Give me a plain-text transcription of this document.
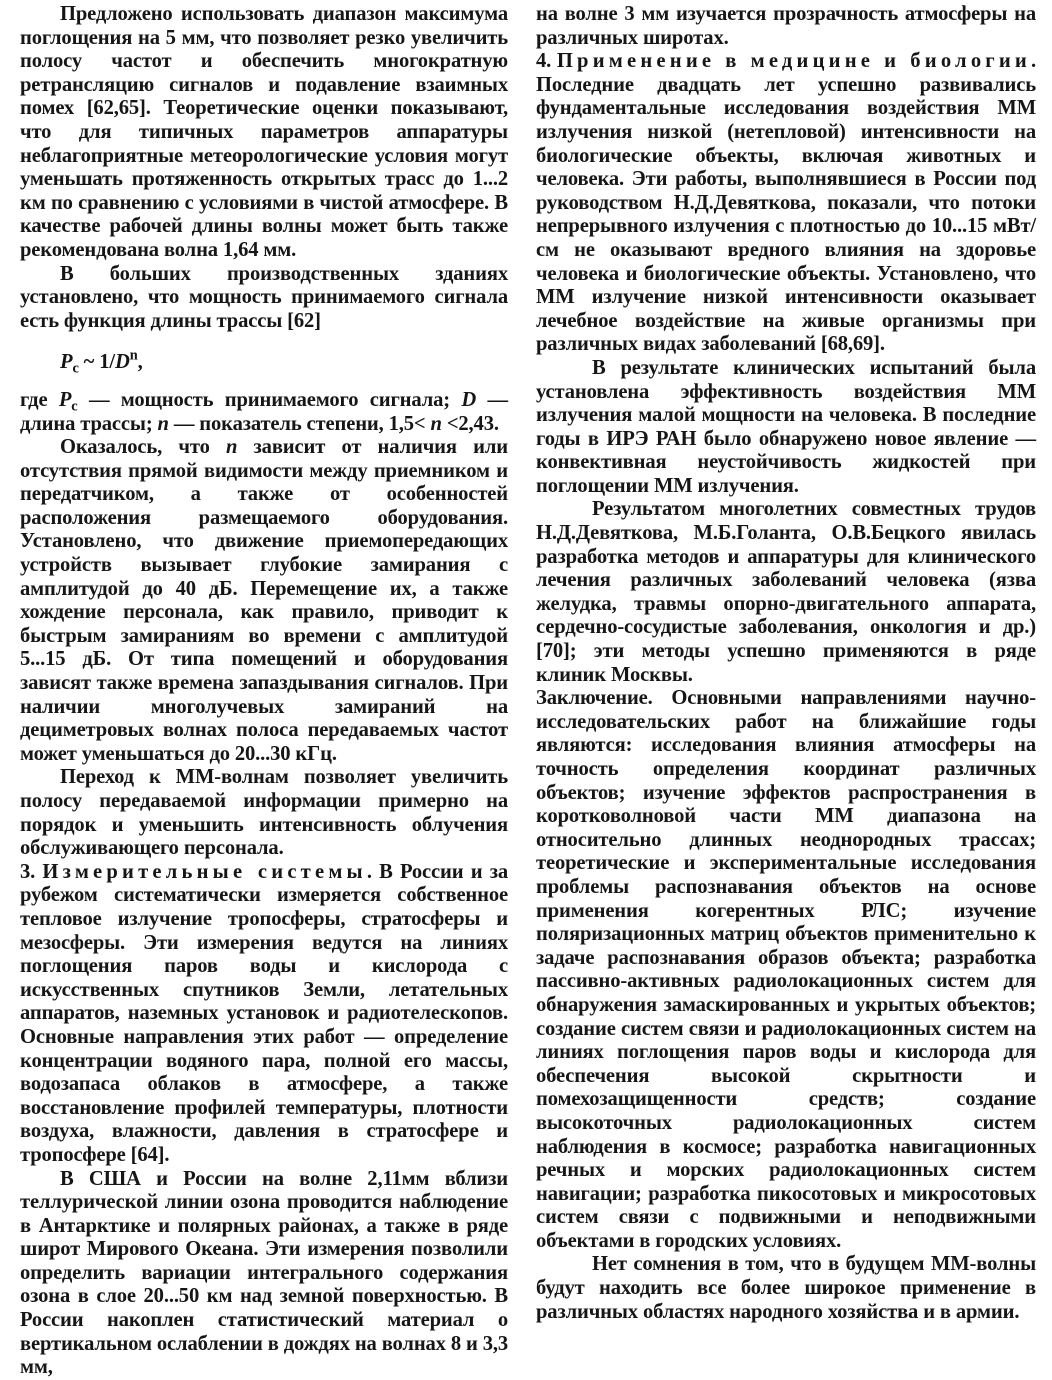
Предложено использовать диапазон максимума поглощения на 5 мм, что позволяет резко увеличить полосу частот и обеспечить многократную ретрансляцию сигналов и подавление взаимных помех [62,65]. Теоретические оценки показывают, что для типичных параметров аппаратуры неблагоприятные метеорологические условия могут уменьшать протяженность открытых трасс до 1...2 км по сравнению с условиями в чистой атмосфере. В качестве рабочей длины волны может быть также рекомендована волна 1,64 мм.

В больших производственных зданиях установлено, что мощность принимаемого сигнала есть функция длины трассы [62]

$P_c$ ~ $1/D^n$,

где $P_c$ — мощность принимаемого сигнала; D — длина трассы; n — показатель степени, 1,5< n <2,43.

Оказалось, что n зависит от наличия или отсутствия прямой видимости между приемником и передатчиком, а также от особенностей расположения размещаемого оборудования. Установлено, что движение приемопередающих устройств вызывает глубокие замирания с амплитудой до 40 дБ. Перемещение их, а также хождение персонала, как правило, приводит к быстрым замираниям во времени с амплитудой 5...15 дБ. От типа помещений и оборудования зависят также времена запаздывания сигналов. При наличии многолучевых замираний на дециметровых волнах полоса передаваемых частот может уменьшаться до 20...30 кГц.

Переход к ММ-волнам позволяет увеличить полосу передаваемой информации примерно на порядок и уменьшить интенсивность облучения обслуживающего персонала.

3. Измерительные системы. В России и за рубежом систематически измеряется собственное тепловое излучение тропосферы, стратосферы и мезосферы. Эти измерения ведутся на линиях поглощения паров воды и кислорода с искусственных спутников Земли, летательных аппаратов, наземных установок и радиотелескопов. Основные направления этих работ — определение концентрации водяного пара, полной его массы, водозапаса облаков в атмосфере, а также восстановление профилей температуры, плотности воздуха, влажности, давления в стратосфере и тропосфере [64].

В США и России на волне 2,11мм вблизи теллурической линии озона проводится наблюдение в Антарктике и полярных районах, а также в ряде широт Мирового Океана. Эти измерения позволили определить вариации интегрального содержания озона в слое 20...50 км над земной поверхностью. В России накоплен статистический материал о вертикальном ослаблении в дождях на волнах 8 и 3,3 мм,

на волне 3 мм изучается прозрачность атмосферы на различных широтах.

4. Применение в медицине и биологии. Последние двадцать лет успешно развивались фундаментальные исследования воздействия ММ излучения низкой (нетепловой) интенсивности на биологические объекты, включая животных и человека. Эти работы, выполнявшиеся в России под руководством Н.Д.Девяткова, показали, что потоки непрерывного излучения с плотностью до 10...15 мВт/см не оказывают вредного влияния на здоровье человека и биологические объекты. Установлено, что ММ излучение низкой интенсивности оказывает лечебное воздействие на живые организмы при различных видах заболеваний [68,69].

В результате клинических испытаний была установлена эффективность воздействия ММ излучения малой мощности на человека. В последние годы в ИРЭ РАН было обнаружено новое явление — конвективная неустойчивость жидкостей при поглощении ММ излучения.

Результатом многолетних совместных трудов Н.Д.Девяткова, М.Б.Голанта, О.В.Бецкого явилась разработка методов и аппаратуры для клинического лечения различных заболеваний человека (язва желудка, травмы опорно-двигательного аппарата, сердечно-сосудистые заболевания, онкология и др.) [70]; эти методы успешно применяются в ряде клиник Москвы.

Заключение. Основными направлениями научно-исследовательских работ на ближайшие годы являются: исследования влияния атмосферы на точность определения координат различных объектов; изучение эффектов распространения в коротковолновой части ММ диапазона на относительно длинных неоднородных трассах; теоретические и экспериментальные исследования проблемы распознавания объектов на основе применения когерентных РЛС; изучение поляризационных матриц объектов применительно к задаче распознавания образов объекта; разработка пассивно-активных радиолокационных систем для обнаружения замаскированных и укрытых объектов; создание систем связи и радиолокационных систем на линиях поглощения паров воды и кислорода для обеспечения высокой скрытности и помехозащищенности средств; создание высокоточных радиолокационных систем наблюдения в космосе; разработка навигационных речных и морских радиолокационных систем навигации; разработка пикосотовых и микросотовых систем связи с подвижными и неподвижными объектами в городских условиях.

Нет сомнения в том, что в будущем ММ-волны будут находить все более широкое применение в различных областях народного хозяйства и в армии.
